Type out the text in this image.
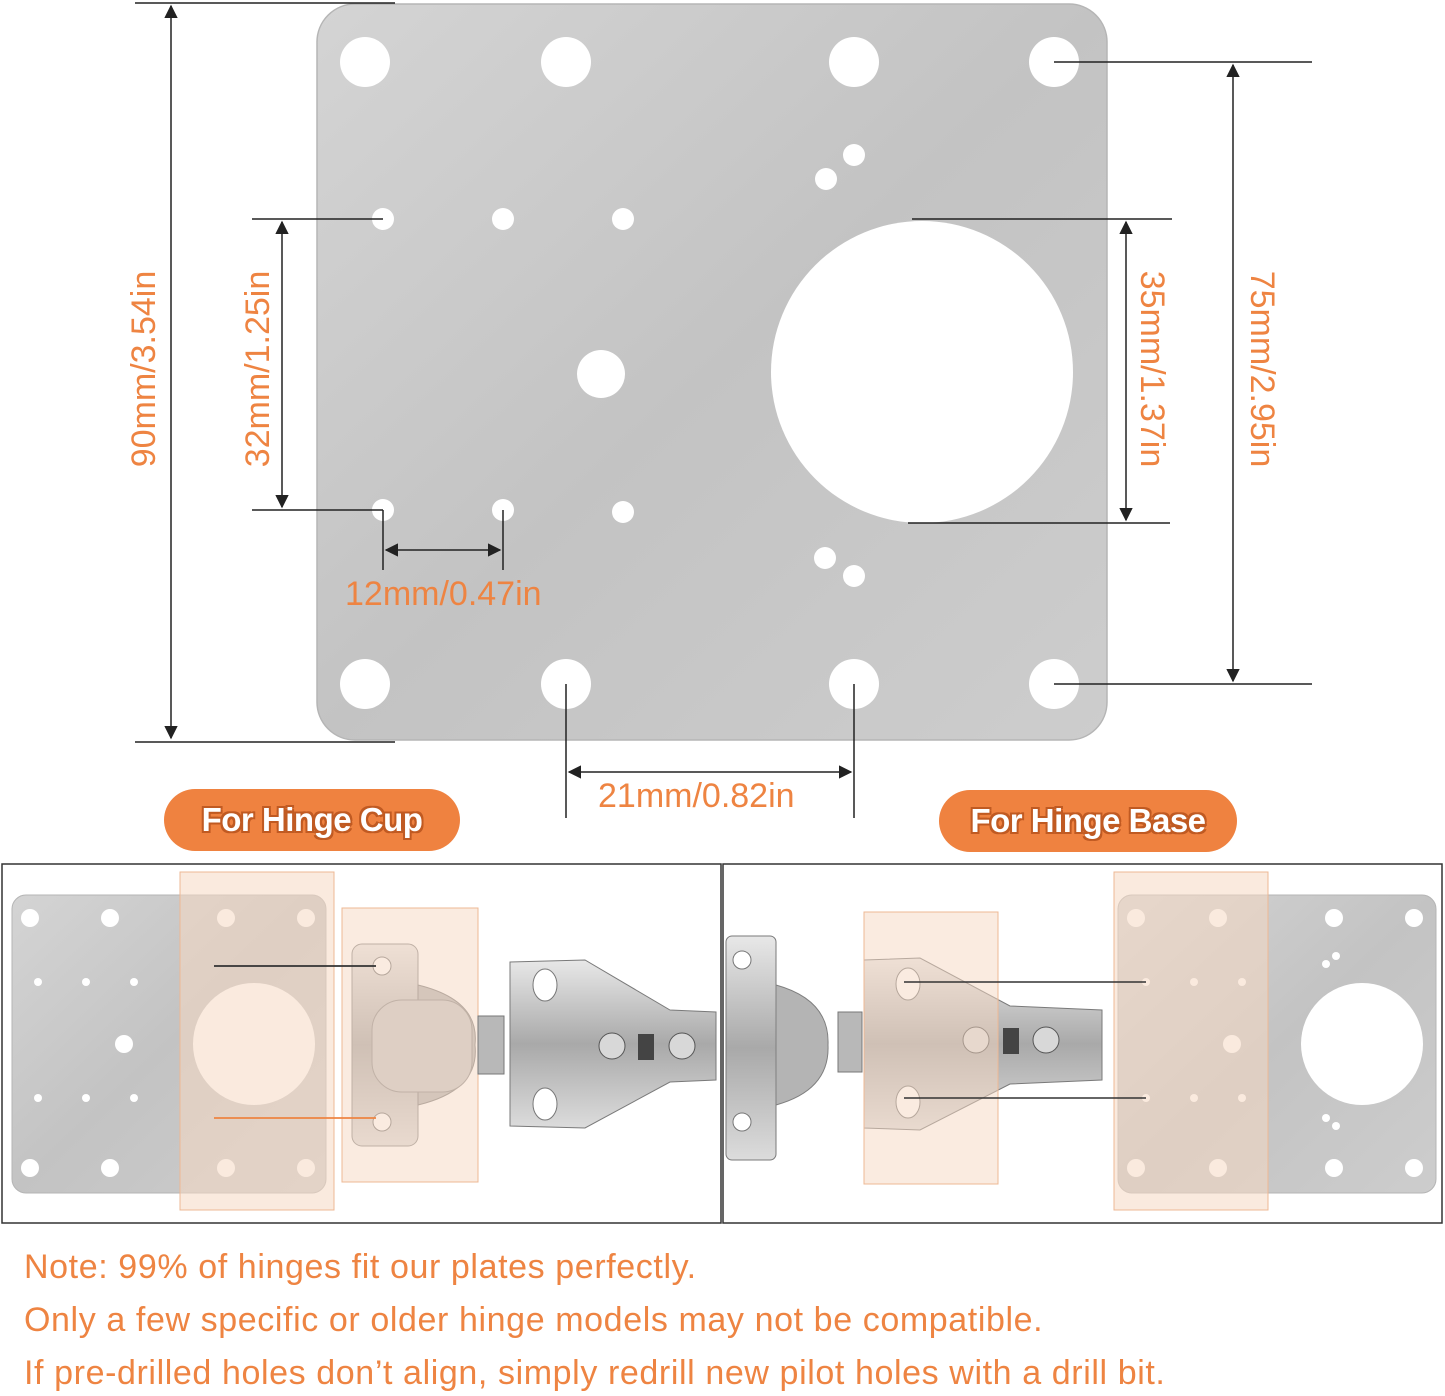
90mm/3.54in 32mm/1.25in
12mm/0.47in
21mm/0.82in
35mm/1.37in 75mm/2.95in
For Hinge Cup	For Hinge Base
Note: 99% of hinges fit our plates perfectly.
Only a few specific or older hinge models may not be compatible.
If pre-drilled holes don’t align, simply redrill new pilot holes with a drill bit.
